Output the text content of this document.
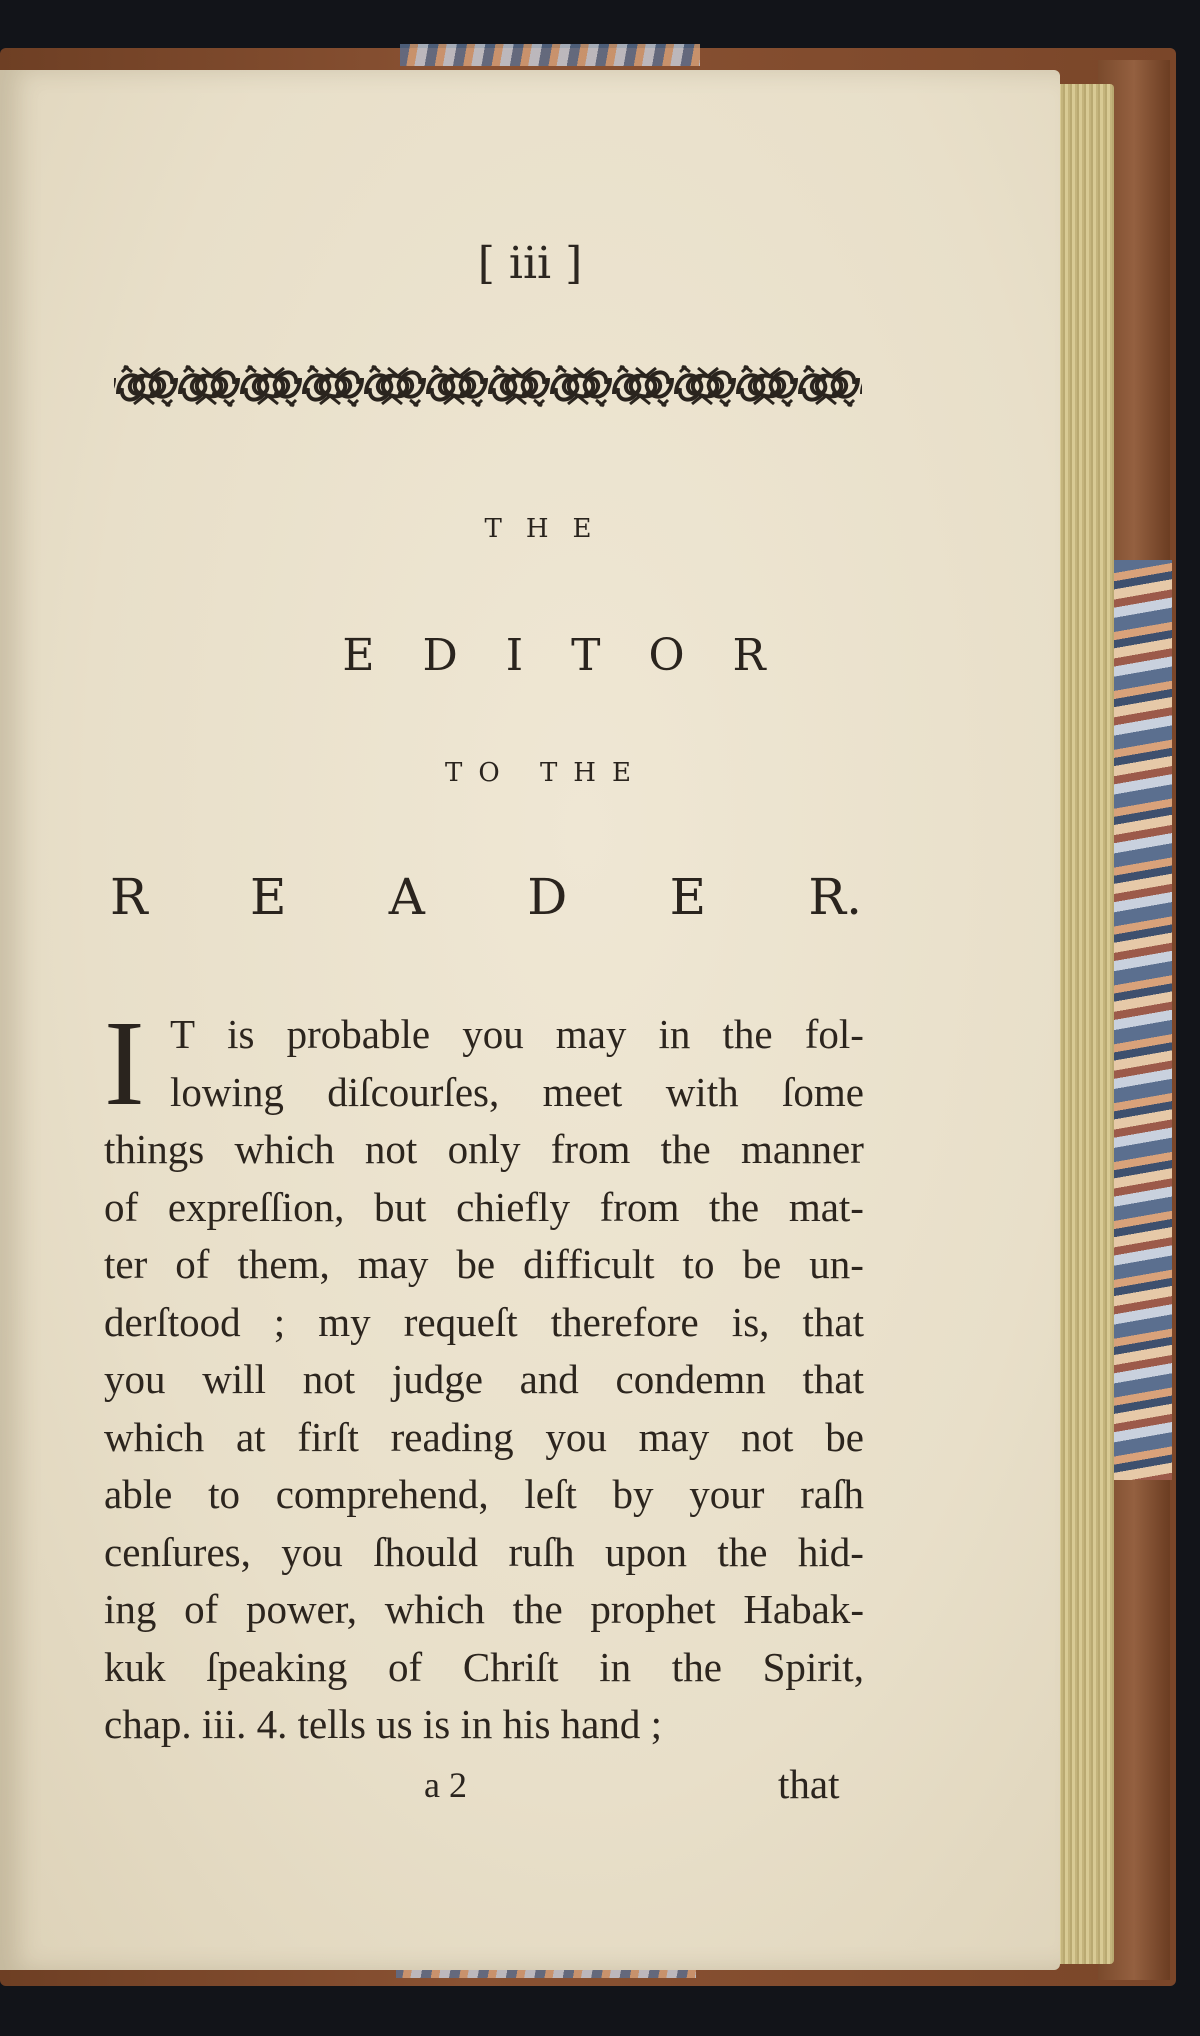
[ iii ]
THE
EDITOR
TO THE
R E A D E R.
I T is probable you may in the fol-
lowing diſcourſes, meet with ſome
things which not only from the manner
of expreſſion, but chiefly from the mat-
ter of them, may be difficult to be un-
derſtood ; my requeſt therefore is, that
you will not judge and condemn that
which at firſt reading you may not be
able to comprehend, leſt by your raſh
cenſures, you ſhould ruſh upon the hid-
ing of power, which the prophet Habak-
kuk ſpeaking of Chriſt in the Spirit,
chap. iii. 4. tells us is in his hand ;
a 2	that
